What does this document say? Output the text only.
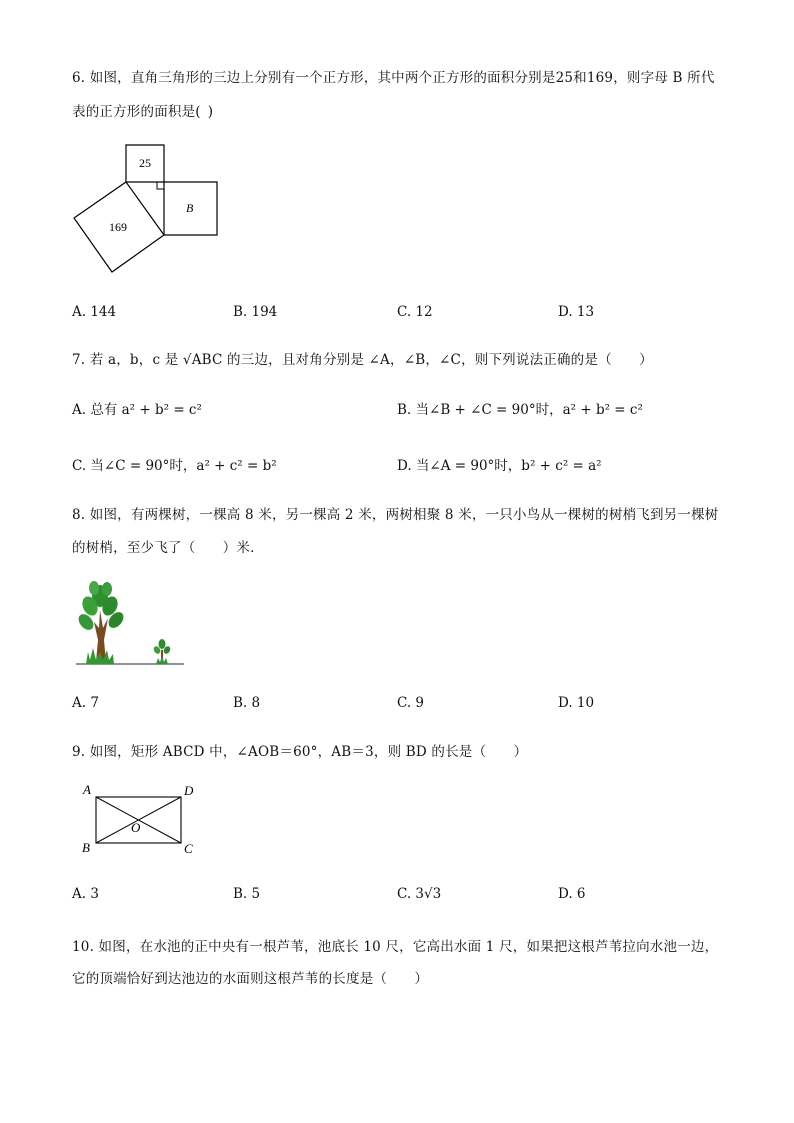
6. 如图，直角三角形的三边上分别有一个正方形，其中两个正方形的面积分别是25和169，则字母 B 所代
表的正方形的面积是( )
25
169
B
A. 144	B. 194	C. 12	D. 13
7. 若 a，b，c 是 √ABC 的三边，且对角分别是 ∠A，∠B，∠C，则下列说法正确的是（  ）
A. 总有 a² + b² = c²	B. 当∠B + ∠C = 90°时，a² + b² = c²
C. 当∠C = 90°时，a² + c² = b²	D. 当∠A = 90°时，b² + c² = a²
8. 如图，有两棵树，一棵高 8 米，另一棵高 2 米，两树相聚 8 米，一只小鸟从一棵树的树梢飞到另一棵树
的树梢，至少飞了（  ）米．
A. 7	B. 8	C. 9	D. 10
9. 如图，矩形 ABCD 中，∠AOB＝60°，AB＝3，则 BD 的长是（  ）
A	D
B	C
O
A. 3	B. 5	C. 3√3	D. 6
10. 如图，在水池的正中央有一根芦苇，池底长 10 尺，它高出水面 1 尺，如果把这根芦苇拉向水池一边，
它的顶端恰好到达池边的水面则这根芦苇的长度是（  ）
